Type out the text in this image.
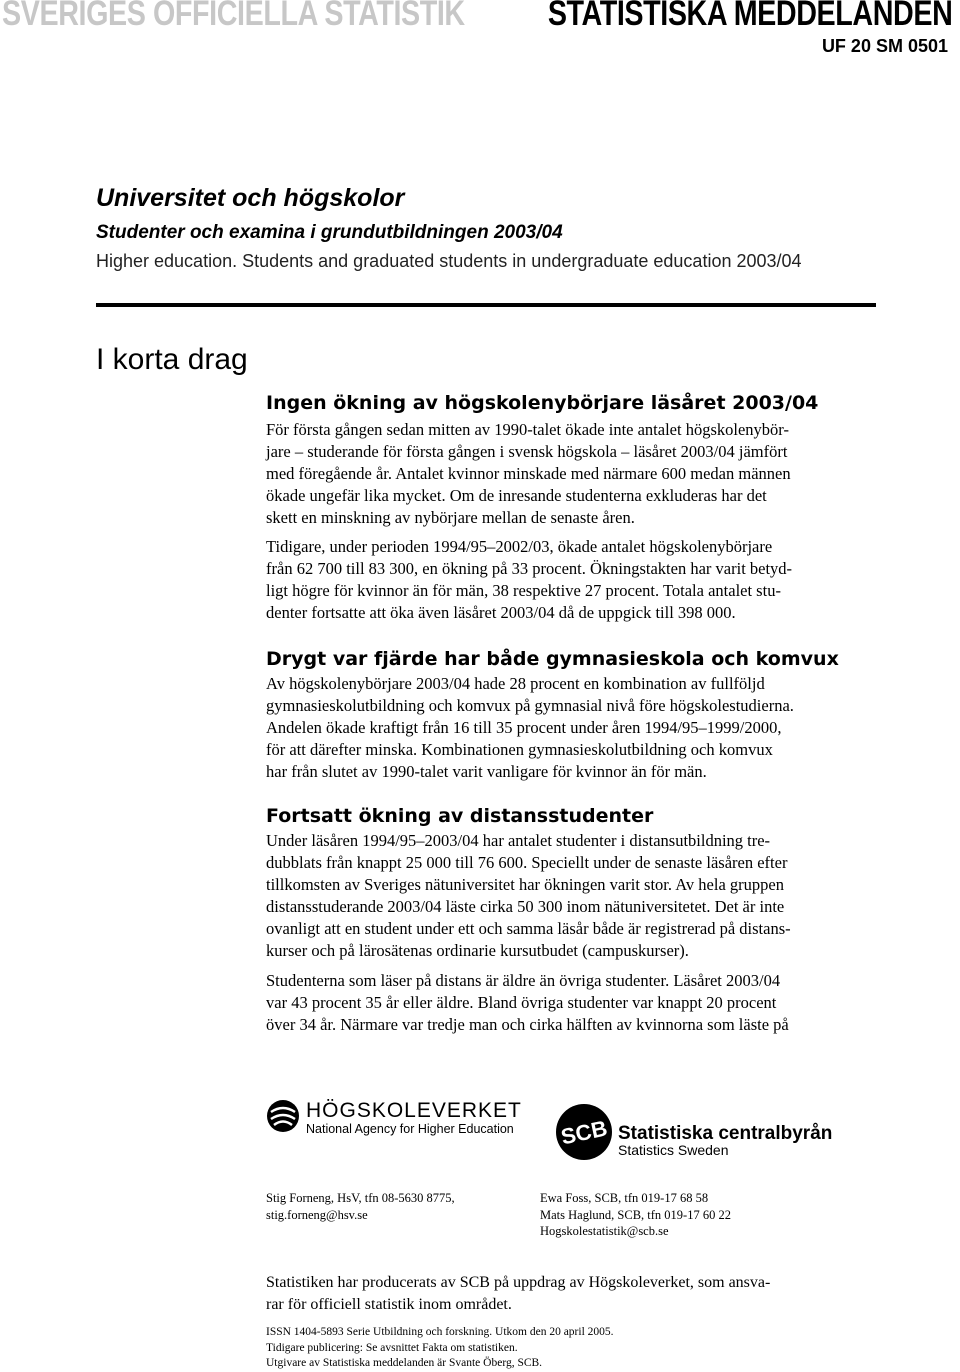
SVERIGES OFFICIELLA STATISTIK STATISTISKA MEDDELANDEN
UF 20 SM 0501
Universitet och högskolor
Studenter och examina i grundutbildningen 2003/04
Higher education. Students and graduated students in undergraduate education 2003/04
I korta drag
Ingen ökning av högskolenybörjare läsåret 2003/04
För första gången sedan mitten av 1990-talet ökade inte antalet högskolenybör-
jare – studerande för första gången i svensk högskola – läsåret 2003/04 jämfört
med föregående år. Antalet kvinnor minskade med närmare 600 medan männen
ökade ungefär lika mycket. Om de inresande studenterna exkluderas har det
skett en minskning av nybörjare mellan de senaste åren.
Tidigare, under perioden 1994/95–2002/03, ökade antalet högskolenybörjare
från 62 700 till 83 300, en ökning på 33 procent. Ökningstakten har varit betyd-
ligt högre för kvinnor än för män, 38 respektive 27 procent. Totala antalet stu-
denter fortsatte att öka även läsåret 2003/04 då de uppgick till 398 000.
Drygt var fjärde har både gymnasieskola och komvux
Av högskolenybörjare 2003/04 hade 28 procent en kombination av fullföljd
gymnasieskolutbildning och komvux på gymnasial nivå före högskolestudierna.
Andelen ökade kraftigt från 16 till 35 procent under åren 1994/95–1999/2000,
för att därefter minska. Kombinationen gymnasieskolutbildning och komvux
har från slutet av 1990-talet varit vanligare för kvinnor än för män.
Fortsatt ökning av distansstudenter
Under läsåren 1994/95–2003/04 har antalet studenter i distansutbildning tre-
dubblats från knappt 25 000 till 76 600. Speciellt under de senaste läsåren efter
tillkomsten av Sveriges nätuniversitet har ökningen varit stor. Av hela gruppen
distansstuderande 2003/04 läste cirka 50 300 inom nätuniversitetet. Det är inte
ovanligt att en student under ett och samma läsår både är registrerad på distans-
kurser och på lärosätenas ordinarie kursutbudet (campuskurser).
Studenterna som läser på distans är äldre än övriga studenter. Läsåret 2003/04
var 43 procent 35 år eller äldre. Bland övriga studenter var knappt 20 procent
över 34 år. Närmare var tredje man och cirka hälften av kvinnorna som läste på
HÖGSKOLEVERKET
National Agency for Higher Education SCB Statistiska centralbyrån
Statistics Sweden
Stig Forneng, HsV, tfn 08-5630 8775,
stig.forneng@hsv.se
Ewa Foss, SCB, tfn 019-17 68 58
Mats Haglund, SCB, tfn 019-17 60 22
Hogskolestatistik@scb.se
Statistiken har producerats av SCB på uppdrag av Högskoleverket, som ansva-
rar för officiell statistik inom området.
ISSN 1404-5893 Serie Utbildning och forskning. Utkom den 20 april 2005.
Tidigare publicering: Se avsnittet Fakta om statistiken.
Utgivare av Statistiska meddelanden är Svante Öberg, SCB.
